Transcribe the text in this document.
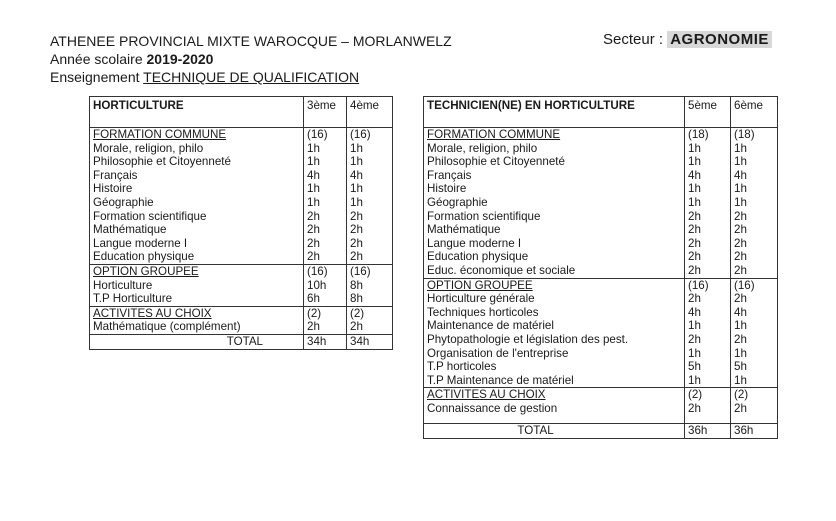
ATHENEE PROVINCIAL MIXTE WAROCQUE – MORLANWELZ
Année scolaire 2019-2020
Enseignement TECHNIQUE DE QUALIFICATION
Secteur : AGRONOMIE
HORTICULTURE	3ème	4ème
FORMATION COMMUNE	(16)	(16)
Morale, religion, philo	1h	1h
Philosophie et Citoyenneté	1h	1h
Français	4h	4h
Histoire	1h	1h
Géographie	1h	1h
Formation scientifique	2h	2h
Mathématique	2h	2h
Langue moderne I	2h	2h
Education physique	2h	2h
OPTION GROUPEE	(16)	(16)
Horticulture	10h	8h
T.P Horticulture	6h	8h
ACTIVITES AU CHOIX	(2)	(2)
Mathématique (complément)	2h	2h
TOTAL	34h	34h
TECHNICIEN(NE) EN HORTICULTURE	5ème	6ème
FORMATION COMMUNE	(18)	(18)
Morale, religion, philo	1h	1h
Philosophie et Citoyenneté	1h	1h
Français	4h	4h
Histoire	1h	1h
Géographie	1h	1h
Formation scientifique	2h	2h
Mathématique	2h	2h
Langue moderne I	2h	2h
Education physique	2h	2h
Educ. économique et sociale	2h	2h
OPTION GROUPEE	(16)	(16)
Horticulture générale	2h	2h
Techniques horticoles	4h	4h
Maintenance de matériel	1h	1h
Phytopathologie et législation des pest.	2h	2h
Organisation de l'entreprise	1h	1h
T.P horticoles	5h	5h
T.P Maintenance de matériel	1h	1h
ACTIVITES AU CHOIX	(2)	(2)
Connaissance de gestion	2h	2h

TOTAL	36h	36h
